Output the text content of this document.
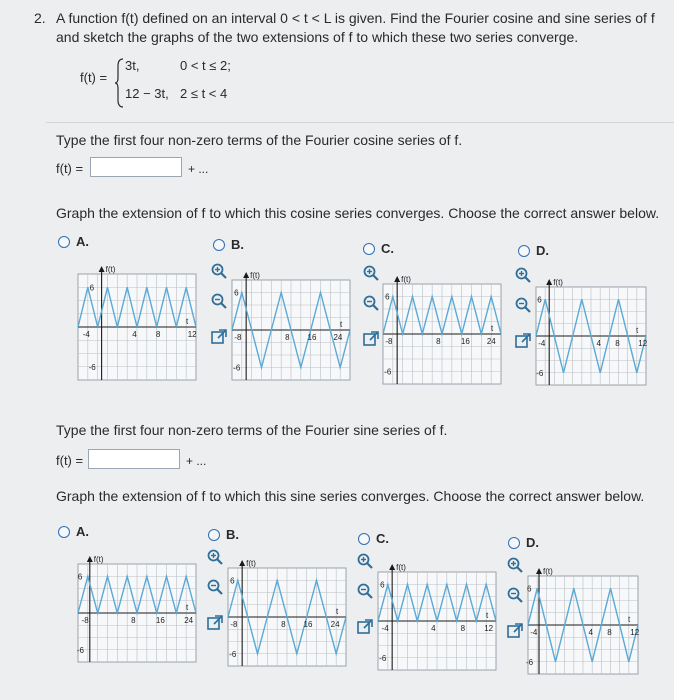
2. A function f(t) defined on an interval 0 < t < L is given. Find the Fourier cosine and sine series of f
and sketch the graphs of the two extensions of f to which these two series converge.
f(t) =
3t,	0 < t ≤ 2;
12 − 3t, 2 ≤ t < 4
Type the first four non-zero terms of the Fourier cosine series of f.
f(t) =	+ ...
Graph the extension of f to which this cosine series converges. Choose the correct answer below.
A.	B.	C.	D.
Type the first four non-zero terms of the Fourier sine series of f.
f(t) =	+ ...
Graph the extension of f to which this sine series converges. Choose the correct answer below.
A.	B.	C.	D.
f(t)
6
-6
t
-4	4 8	12
f(t)
6
-6
t
-8	8 16 24
f(t)
6
-6
t
-8	8	16 24
f(t)
6
-6
t
-4	4 8 12
f(t)
6
-6
t
-8	8	16 24
f(t)
6
-6
t
-8	8 16 24
f(t)
6
-6
t
-4	4	8 12
f(t)
6
-6
t
-4	4 8 12
